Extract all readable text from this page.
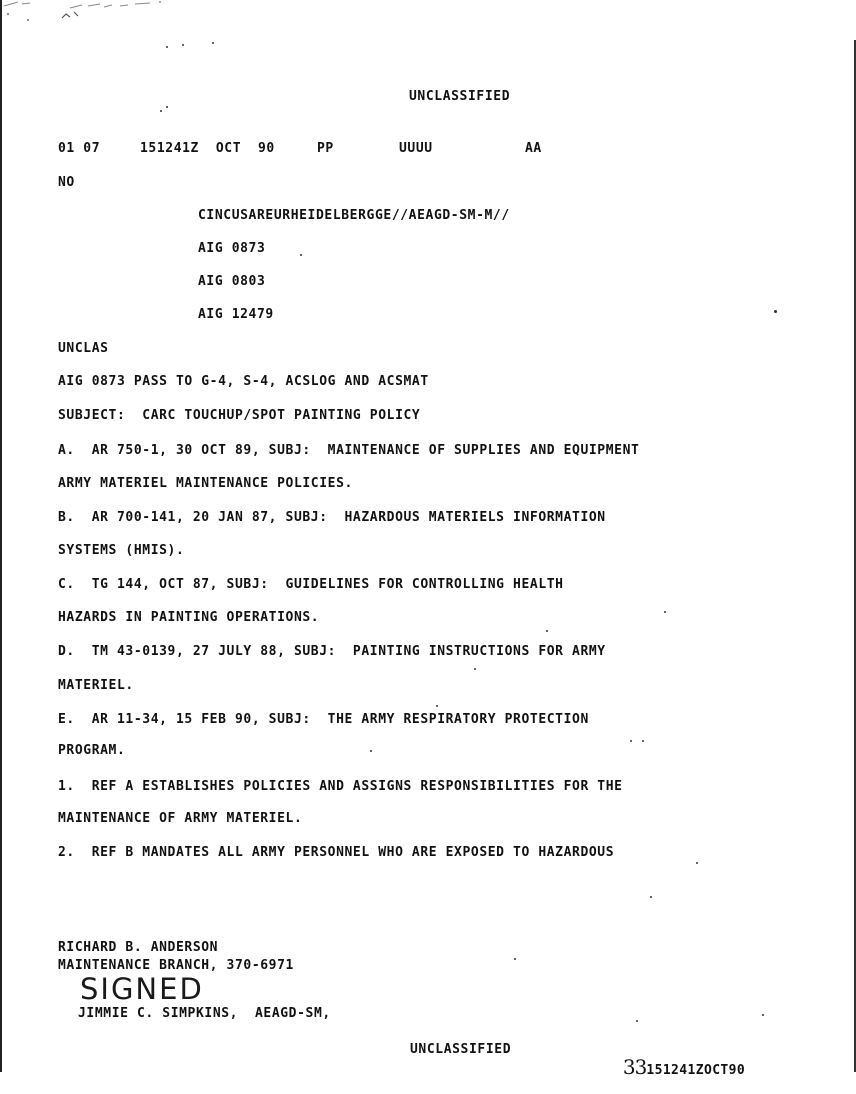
UNCLASSIFIED
01 07	151241Z  OCT  90	PP	UUUU	AA
NO
CINCUSAREURHEIDELBERGGE//AEAGD-SM-M//
AIG 0873
AIG 0803
AIG 12479
UNCLAS
AIG 0873 PASS TO G-4, S-4, ACSLOG AND ACSMAT
SUBJECT:  CARC TOUCHUP/SPOT PAINTING POLICY
A.  AR 750-1, 30 OCT 89, SUBJ:  MAINTENANCE OF SUPPLIES AND EQUIPMENT
ARMY MATERIEL MAINTENANCE POLICIES.
B.  AR 700-141, 20 JAN 87, SUBJ:  HAZARDOUS MATERIELS INFORMATION
SYSTEMS (HMIS).
C.  TG 144, OCT 87, SUBJ:  GUIDELINES FOR CONTROLLING HEALTH
HAZARDS IN PAINTING OPERATIONS.
D.  TM 43-0139, 27 JULY 88, SUBJ:  PAINTING INSTRUCTIONS FOR ARMY
MATERIEL.
E.  AR 11-34, 15 FEB 90, SUBJ:  THE ARMY RESPIRATORY PROTECTION
PROGRAM.
1.  REF A ESTABLISHES POLICIES AND ASSIGNS RESPONSIBILITIES FOR THE
MAINTENANCE OF ARMY MATERIEL.
2.  REF B MANDATES ALL ARMY PERSONNEL WHO ARE EXPOSED TO HAZARDOUS
RICHARD B. ANDERSON
MAINTENANCE BRANCH, 370-6971
SIGNED
JIMMIE C. SIMPKINS,  AEAGD-SM,
UNCLASSIFIED

33151241ZOCT90
